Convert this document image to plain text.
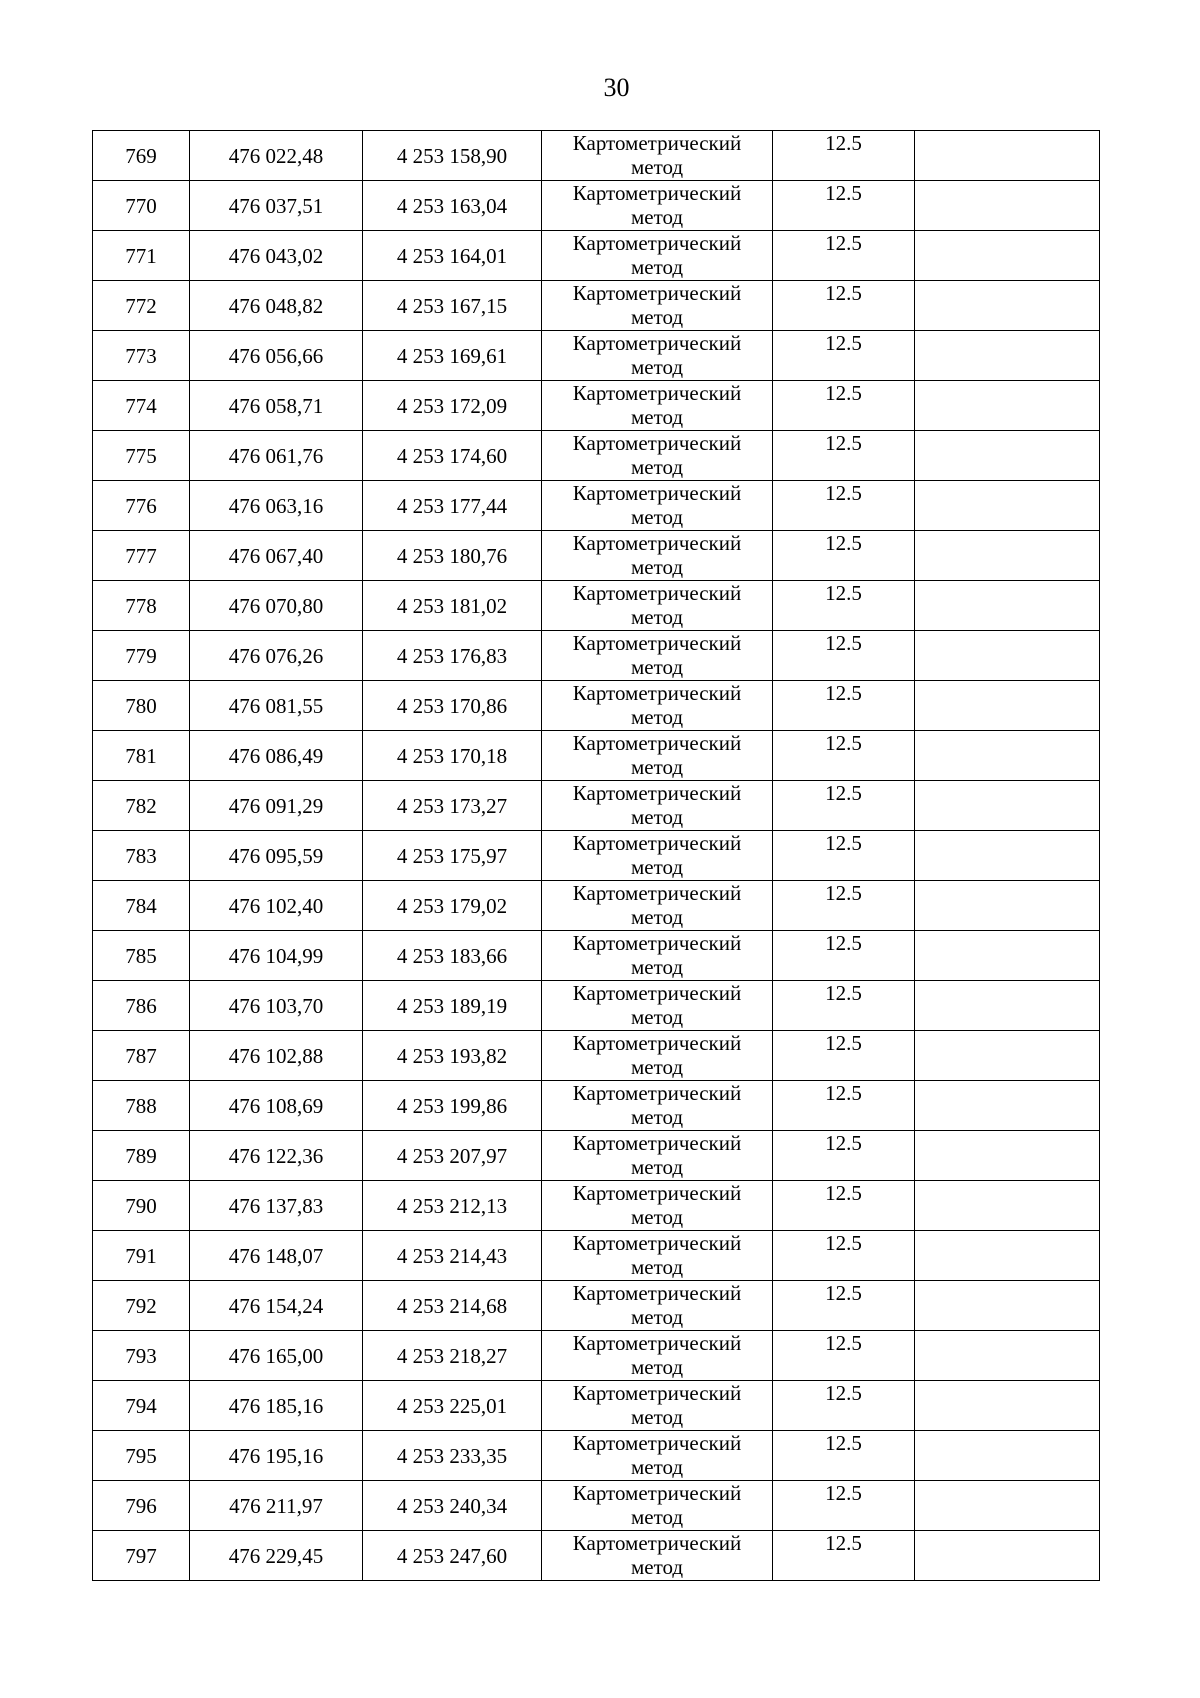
30
769	476 022,48	4 253 158,90	Картометрический
метод	12.5	
770	476 037,51	4 253 163,04	Картометрический
метод	12.5	
771	476 043,02	4 253 164,01	Картометрический
метод	12.5	
772	476 048,82	4 253 167,15	Картометрический
метод	12.5	
773	476 056,66	4 253 169,61	Картометрический
метод	12.5	
774	476 058,71	4 253 172,09	Картометрический
метод	12.5	
775	476 061,76	4 253 174,60	Картометрический
метод	12.5	
776	476 063,16	4 253 177,44	Картометрический
метод	12.5	
777	476 067,40	4 253 180,76	Картометрический
метод	12.5	
778	476 070,80	4 253 181,02	Картометрический
метод	12.5	
779	476 076,26	4 253 176,83	Картометрический
метод	12.5	
780	476 081,55	4 253 170,86	Картометрический
метод	12.5	
781	476 086,49	4 253 170,18	Картометрический
метод	12.5	
782	476 091,29	4 253 173,27	Картометрический
метод	12.5	
783	476 095,59	4 253 175,97	Картометрический
метод	12.5	
784	476 102,40	4 253 179,02	Картометрический
метод	12.5	
785	476 104,99	4 253 183,66	Картометрический
метод	12.5	
786	476 103,70	4 253 189,19	Картометрический
метод	12.5	
787	476 102,88	4 253 193,82	Картометрический
метод	12.5	
788	476 108,69	4 253 199,86	Картометрический
метод	12.5	
789	476 122,36	4 253 207,97	Картометрический
метод	12.5	
790	476 137,83	4 253 212,13	Картометрический
метод	12.5	
791	476 148,07	4 253 214,43	Картометрический
метод	12.5	
792	476 154,24	4 253 214,68	Картометрический
метод	12.5	
793	476 165,00	4 253 218,27	Картометрический
метод	12.5	
794	476 185,16	4 253 225,01	Картометрический
метод	12.5	
795	476 195,16	4 253 233,35	Картометрический
метод	12.5	
796	476 211,97	4 253 240,34	Картометрический
метод	12.5	
797	476 229,45	4 253 247,60	Картометрический
метод	12.5	
